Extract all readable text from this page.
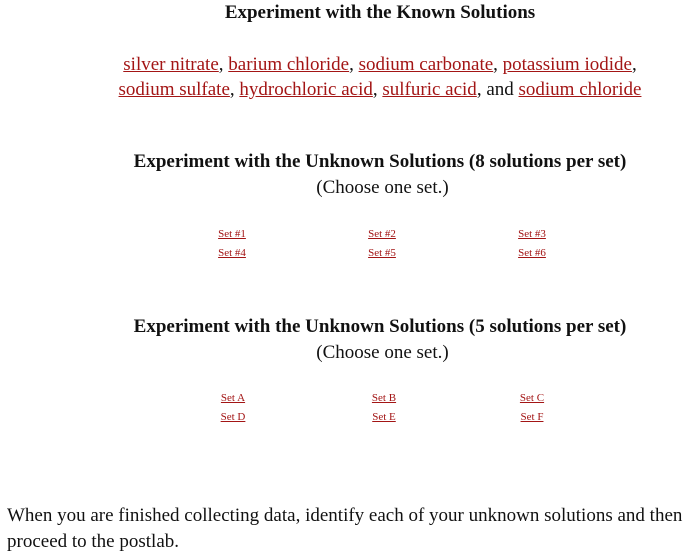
Experiment with the Known Solutions
silver nitrate, barium chloride, sodium carbonate, potassium iodide,
sodium sulfate, hydrochloric acid, sulfuric acid, and sodium chloride
Experiment with the Unknown Solutions (8 solutions per set)
(Choose one set.)
Set #1	Set #2	Set #3
Set #4	Set #5	Set #6
Experiment with the Unknown Solutions (5 solutions per set)
(Choose one set.)
Set A	Set B	Set C
Set D	Set E	Set F
When you are finished collecting data, identify each of your unknown solutions and then
proceed to the postlab.
